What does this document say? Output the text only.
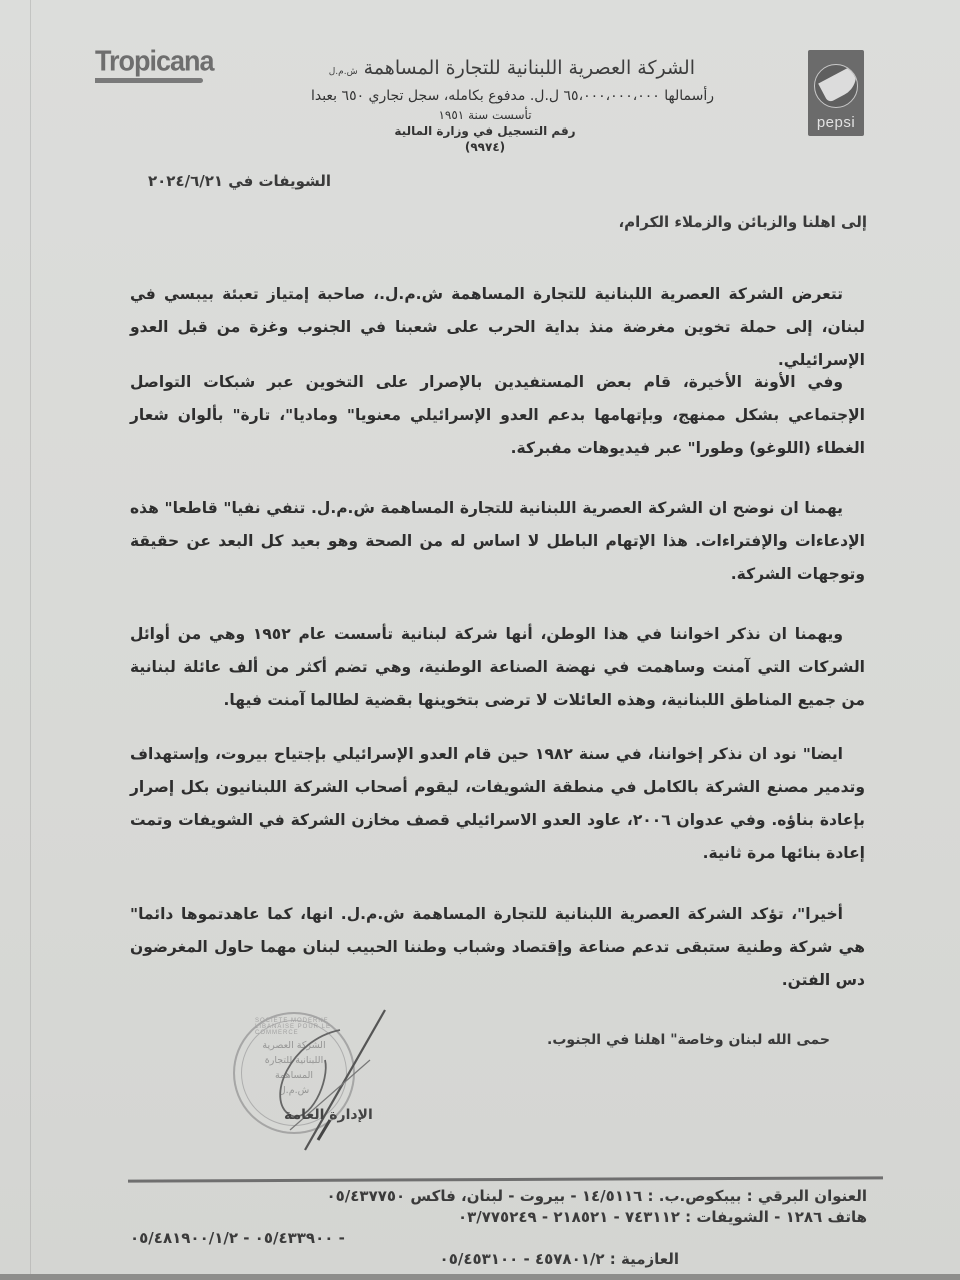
Tropicana
pepsi
الشركة العصرية اللبنانية للتجارة المساهمة ش.م.ل
رأسمالها ٦٥،٠٠٠،٠٠٠،٠٠٠ ل.ل. مدفوع بكامله، سجل تجاري ٦٥٠ بعبدا
تأسست سنة ١٩٥١
رقم التسجيل في وزارة المالية
(٩٩٧٤)
الشويفات في ٢٠٢٤/٦/٢١
إلى اهلنا والزبائن والزملاء الكرام،
تتعرض الشركة العصرية اللبنانية للتجارة المساهمة ش.م.ل.، صاحبة إمتياز تعبئة بيبسي في لبنان، إلى حملة تخوين مغرضة منذ بداية الحرب على شعبنا في الجنوب وغزة من قبل العدو الإسرائيلي.
وفي الأونة الأخيرة، قام بعض المستفيدين بالإصرار على التخوين عبر شبكات التواصل الإجتماعي بشكل ممنهج، وبإتهامها بدعم العدو الإسرائيلي معنويا" وماديا"، تارة" بألوان شعار الغطاء (اللوغو) وطورا" عبر فيديوهات مفبركة.
يهمنا ان نوضح ان الشركة العصرية اللبنانية للتجارة المساهمة ش.م.ل. تنفي نفيا" قاطعا" هذه الإدعاءات والإفتراءات. هذا الإتهام الباطل لا اساس له من الصحة وهو بعيد كل البعد عن حقيقة وتوجهات الشركة.
ويهمنا ان نذكر اخواننا في هذا الوطن، أنها شركة لبنانية تأسست عام ١٩٥٢ وهي من أوائل الشركات التي آمنت وساهمت في نهضة الصناعة الوطنية، وهي تضم أكثر من ألف عائلة لبنانية من جميع المناطق اللبنانية، وهذه العائلات لا ترضى بتخوينها بقضية لطالما آمنت فيها.
ايضا" نود ان نذكر إخواننا، في سنة ١٩٨٢ حين قام العدو الإسرائيلي بإجتياح بيروت، وإستهداف وتدمير مصنع الشركة بالكامل في منطقة الشويفات، ليقوم أصحاب الشركة اللبنانيون بكل إصرار بإعادة بناؤه. وفي عدوان ٢٠٠٦، عاود العدو الاسرائيلي قصف مخازن الشركة في الشويفات وتمت إعادة بنائها مرة ثانية.
أخيرا"، تؤكد الشركة العصرية اللبنانية للتجارة المساهمة ش.م.ل. انها، كما عاهدتموها دائما" هي شركة وطنية ستبقى تدعم صناعة وإقتصاد وشباب وطننا الحبيب لبنان مهما حاول المغرضون دس الفتن.
حمى الله لبنان وخاصة" اهلنا في الجنوب.
SOCIETE MODERNE LIBANAISE POUR LE COMMERCE
الشركة العصرية
اللبنانية للتجارة
المساهمة
ش.م.ل
الإدارة العامة
العنوان البرقي : بيبكوص.ب. : ١٤/٥١١٦ - بيروت - لبنان، فاكس ٠٥/٤٣٧٧٥٠
هاتف ١٢٨٦ - الشويفات : ٧٤٣١١٢ - ٢١٨٥٢١ - ٠٣/٧٧٥٢٤٩
- ٠٥/٤٣٣٩٠٠ - ٠٥/٤٨١٩٠٠/١/٢
العازمية : ٤٥٧٨٠١/٢ - ٠٥/٤٥٣١٠٠
